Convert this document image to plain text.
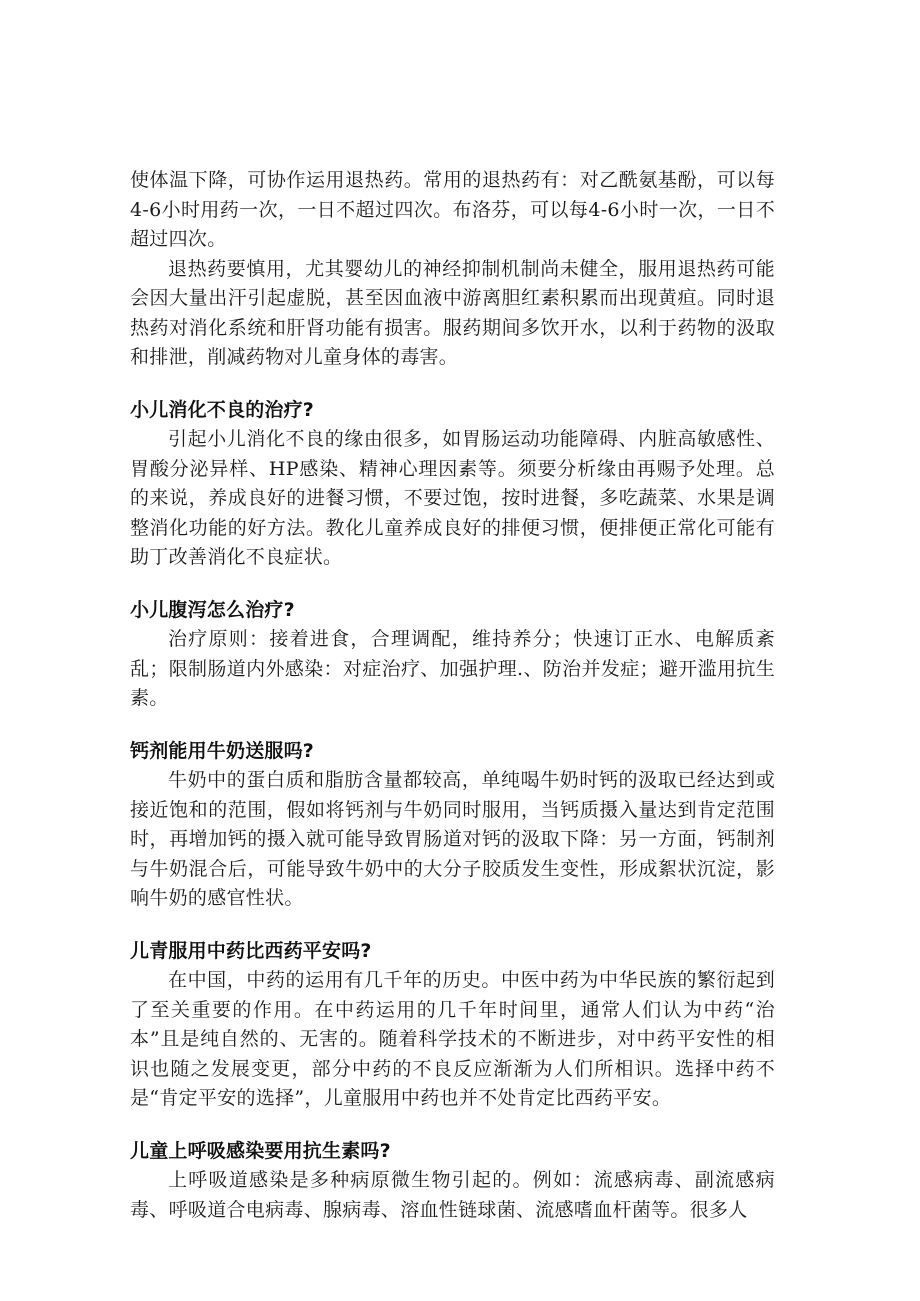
使体温下降，可协作运用退热药。常用的退热药有：对乙酰氨基酚，可以每4-6小时用药一次，一日不超过四次。布洛芬，可以每4-6小时一次，一日不超过四次。

退热药要慎用，尤其婴幼儿的神经抑制机制尚未健全，服用退热药可能会因大量出汗引起虚脱，甚至因血液中游离胆红素积累而出现黄疸。同时退热药对消化系统和肝肾功能有损害。服药期间多饮开水，以利于药物的汲取和排泄，削减药物对儿童身体的毒害。

小儿消化不良的治疗?

引起小儿消化不良的缘由很多，如胃肠运动功能障碍、内脏高敏感性、胃酸分泌异样、HP感染、精神心理因素等。须要分析缘由再赐予处理。总的来说，养成良好的进餐习惯，不要过饱，按时进餐，多吃蔬菜、水果是调整消化功能的好方法。教化儿童养成良好的排便习惯，便排便正常化可能有助丁改善消化不良症状。

小儿腹泻怎么治疗?

治疗原则：接着进食，合理调配，维持养分；快速订正水、电解质紊乱；限制肠道内外感染：对症治疗、加强护理.、防治并发症；避开滥用抗生素。

钙剂能用牛奶送服吗?

牛奶中的蛋白质和脂肪含量都较高，单纯喝牛奶时钙的汲取已经达到或接近饱和的范围，假如将钙剂与牛奶同时服用，当钙质摄入量达到肯定范围时，再增加钙的摄入就可能导致胃肠道对钙的汲取下降：另一方面，钙制剂与牛奶混合后，可能导致牛奶中的大分子胶质发生变性，形成絮状沉淀，影响牛奶的感官性状。

儿青服用中药比西药平安吗?

在中国，中药的运用有几千年的历史。中医中药为中华民族的繁衍起到了至关重要的作用。在中药运用的几千年时间里，通常人们认为中药“治本”且是纯自然的、无害的。随着科学技术的不断进步，对中药平安性的相识也随之发展变更，部分中药的不良反应渐渐为人们所相识。选择中药不是“肯定平安的选择”，儿童服用中药也并不处肯定比西药平安。

儿童上呼吸感染要用抗生素吗?

上呼吸道感染是多种病原微生物引起的。例如：流感病毒、副流感病毒、呼吸道合电病毒、腺病毒、溶血性链球菌、流感嗜血杆菌等。很多人
